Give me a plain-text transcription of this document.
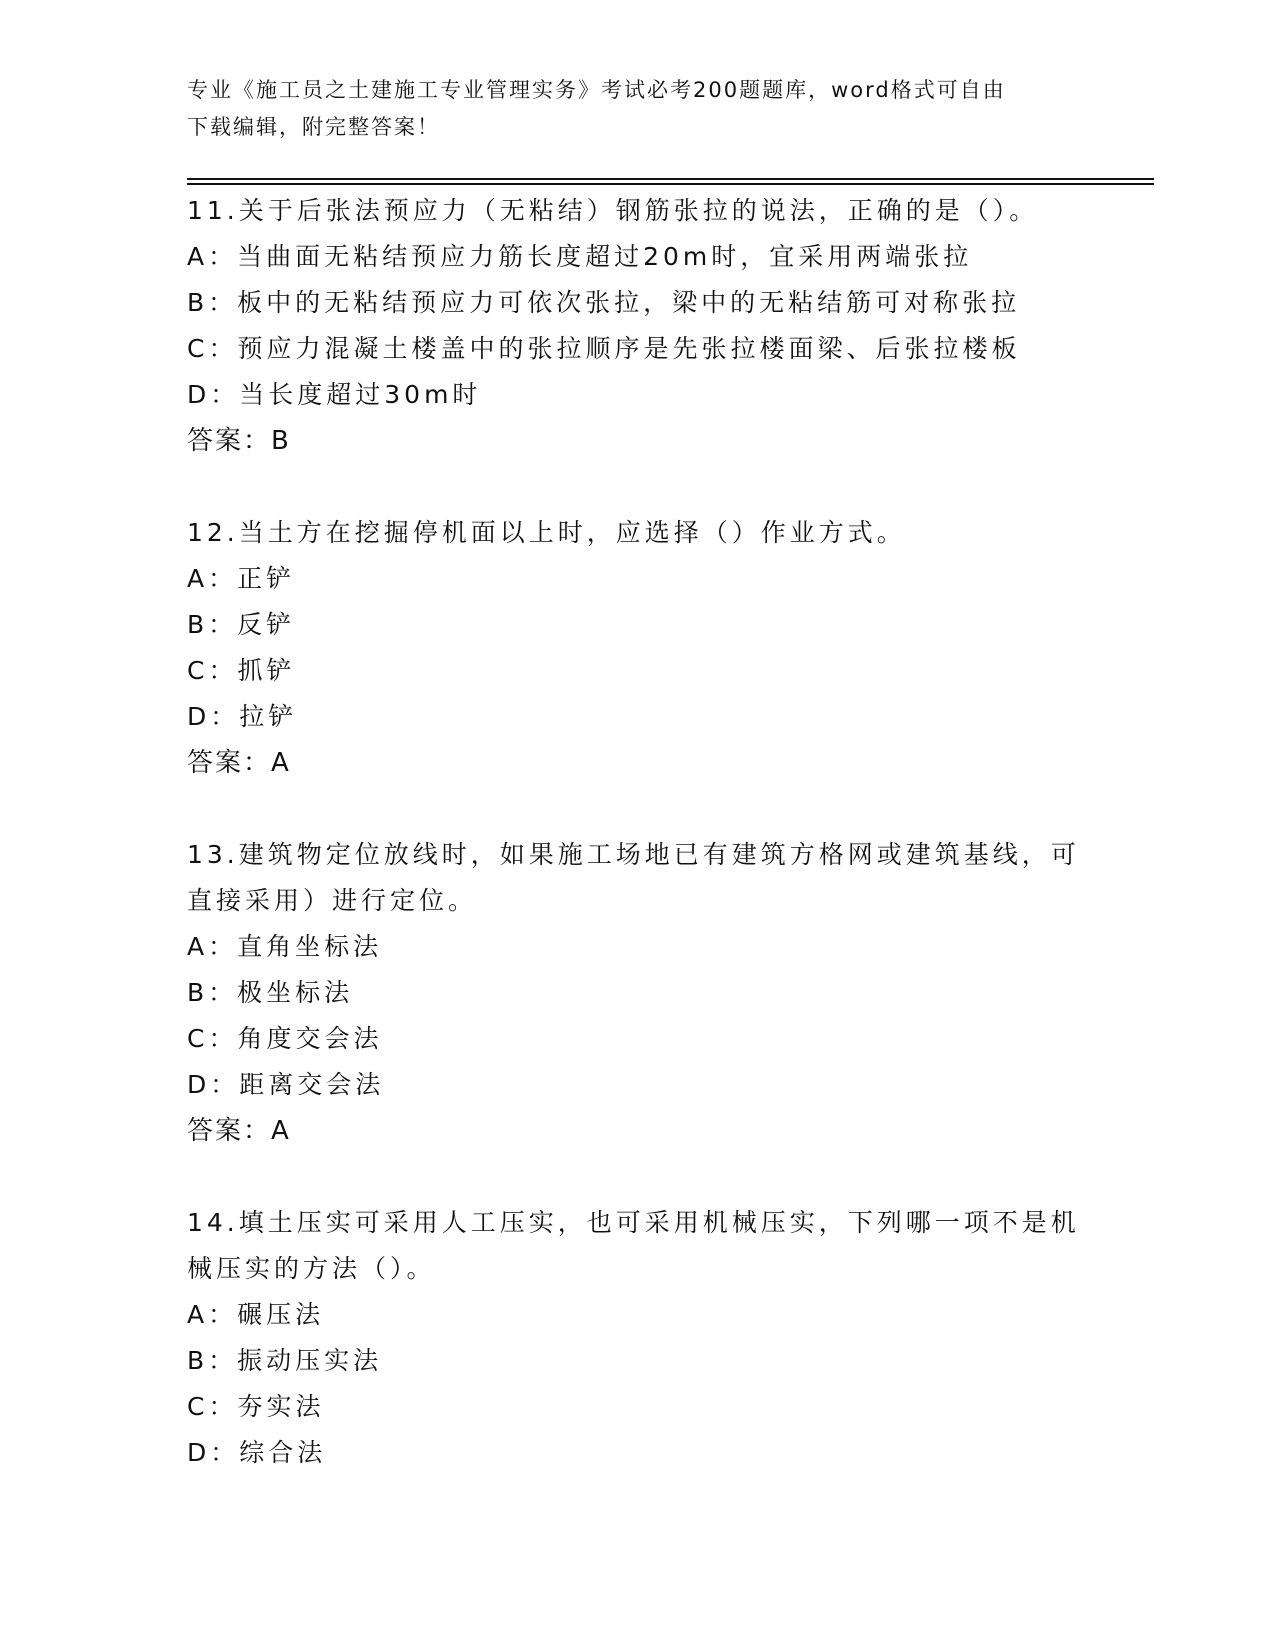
专业《施工员之土建施工专业管理实务》考试必考200题题库，word格式可自由
下载编辑，附完整答案！
11.关于后张法预应力（无粘结）钢筋张拉的说法，正确的是（）。
A：当曲面无粘结预应力筋长度超过20m时，宜采用两端张拉
B：板中的无粘结预应力可依次张拉，梁中的无粘结筋可对称张拉
C：预应力混凝土楼盖中的张拉顺序是先张拉楼面梁、后张拉楼板
D：当长度超过30m时
答案：B
12.当土方在挖掘停机面以上时，应选择（）作业方式。
A：正铲
B：反铲
C：抓铲
D：拉铲
答案：A
13.建筑物定位放线时，如果施工场地已有建筑方格网或建筑基线，可
直接采用）进行定位。
A：直角坐标法
B：极坐标法
C：角度交会法
D：距离交会法
答案：A
14.填土压实可采用人工压实，也可采用机械压实，下列哪一项不是机
械压实的方法（）。
A：碾压法
B：振动压实法
C：夯实法
D：综合法
